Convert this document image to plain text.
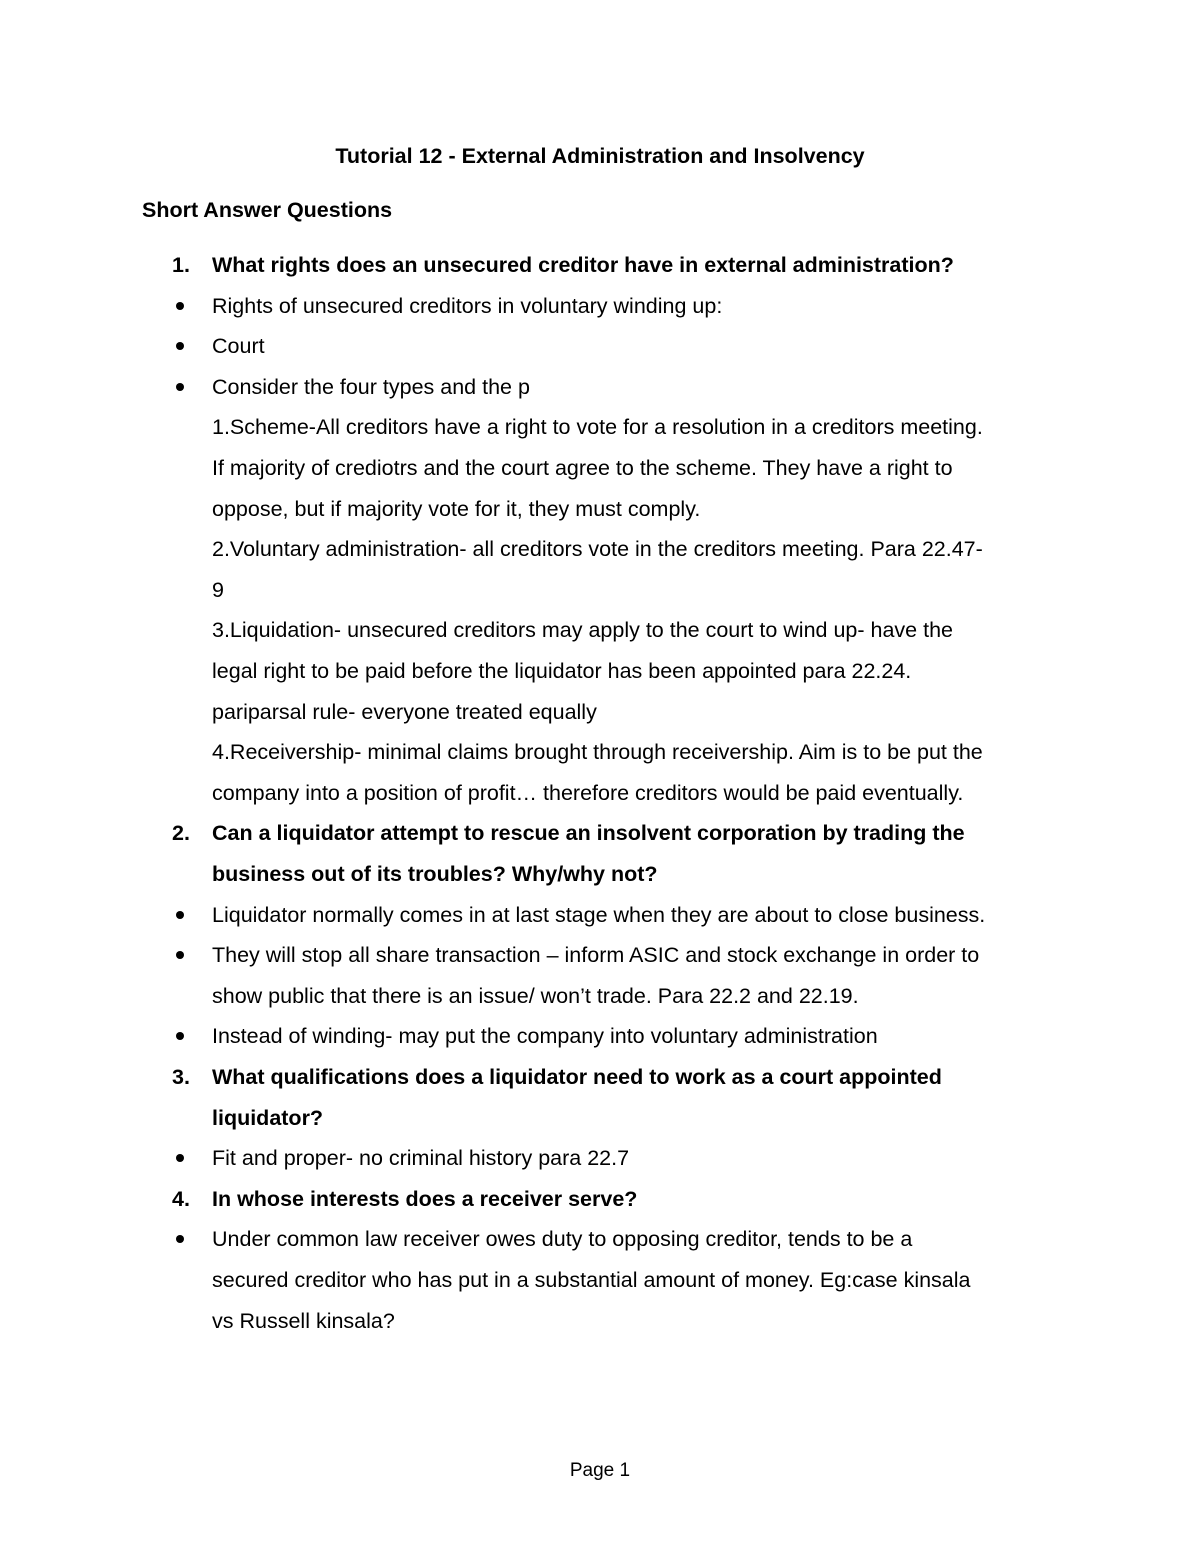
Tutorial 12 - External Administration and Insolvency
Short Answer Questions
1. What rights does an unsecured creditor have in external administration?
Rights of unsecured creditors in voluntary winding up:
Court
Consider the four types and the p
1.Scheme-All creditors have a right to vote for a resolution in a creditors meeting.
If majority of crediotrs and the court agree to the scheme. They have a right to
oppose, but if majority vote for it, they must comply.
2.Voluntary administration- all creditors vote in the creditors meeting. Para 22.47-
9
3.Liquidation- unsecured creditors may apply to the court to wind up- have the
legal right to be paid before the liquidator has been appointed para 22.24.
pariparsal rule- everyone treated equally
4.Receivership- minimal claims brought through receivership. Aim is to be put the
company into a position of profit… therefore creditors would be paid eventually.
2. Can a liquidator attempt to rescue an insolvent corporation by trading the
business out of its troubles? Why/why not?
Liquidator normally comes in at last stage when they are about to close business.
They will stop all share transaction – inform ASIC and stock exchange in order to
show public that there is an issue/ won’t trade. Para 22.2 and 22.19.
Instead of winding- may put the company into voluntary administration
3. What qualifications does a liquidator need to work as a court appointed
liquidator?
Fit and proper- no criminal history para 22.7
4. In whose interests does a receiver serve?
Under common law receiver owes duty to opposing creditor, tends to be a
secured creditor who has put in a substantial amount of money. Eg:case kinsala
vs Russell kinsala?
Page 1
